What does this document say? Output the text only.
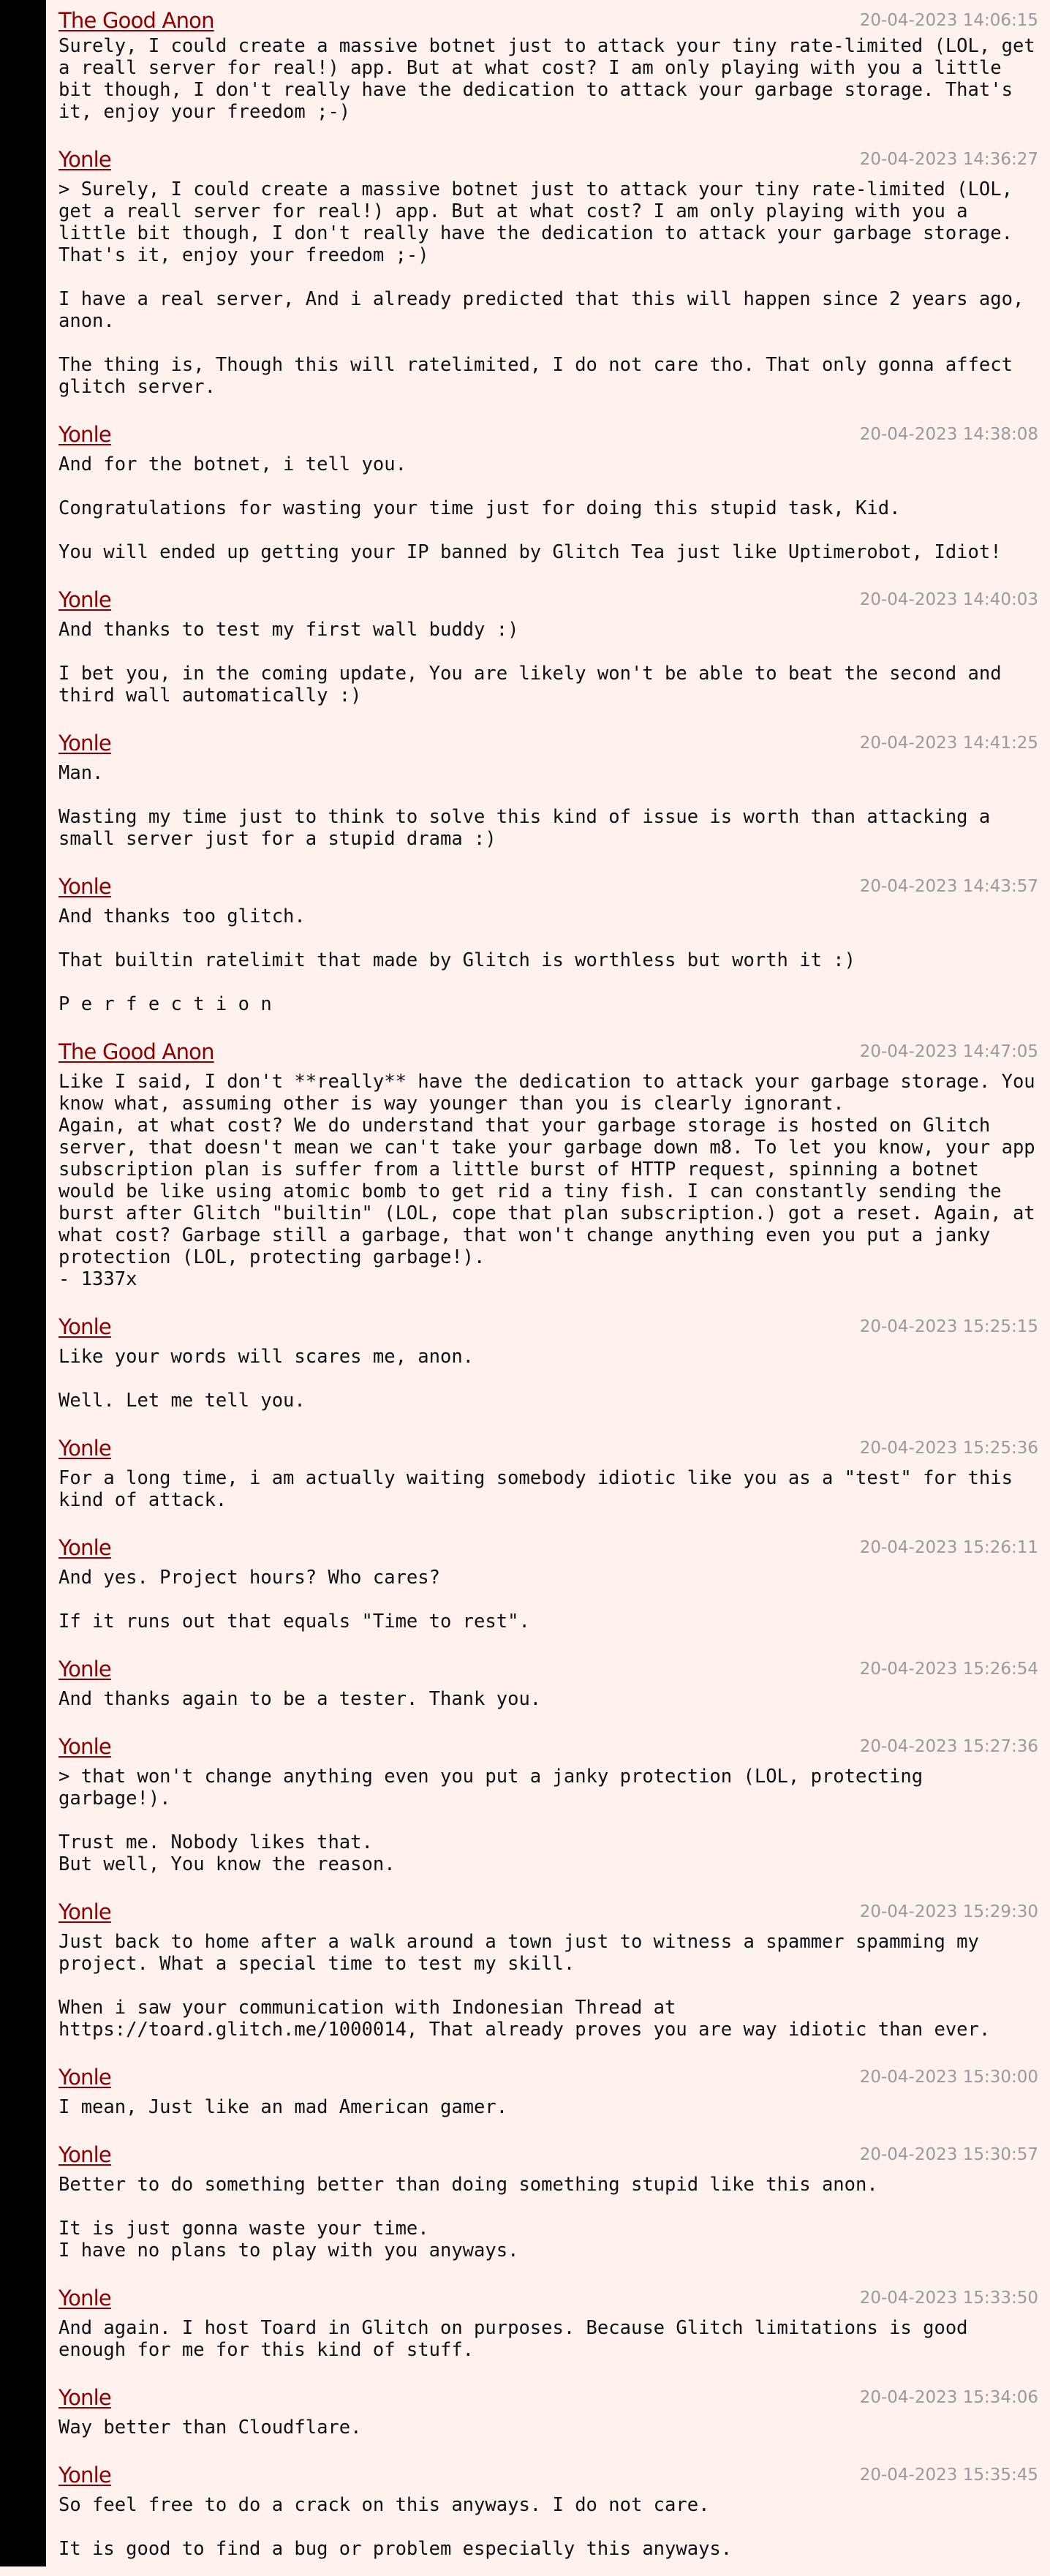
The Good Anon	20-04-2023 14:06:15
Surely, I could create a massive botnet just to attack your tiny rate-limited (LOL, get a reall server for real!) app. But at what cost? I am only playing with you a little bit though, I don't really have the dedication to attack your garbage storage. That's it, enjoy your freedom ;-)
Yonle	20-04-2023 14:36:27
> Surely, I could create a massive botnet just to attack your tiny rate-limited (LOL, get a reall server for real!) app. But at what cost? I am only playing with you a little bit though, I don't really have the dedication to attack your garbage storage. That's it, enjoy your freedom ;-)

I have a real server, And i already predicted that this will happen since 2 years ago, anon.

The thing is, Though this will ratelimited, I do not care tho. That only gonna affect glitch server.
Yonle	20-04-2023 14:38:08
And for the botnet, i tell you.

Congratulations for wasting your time just for doing this stupid task, Kid.

You will ended up getting your IP banned by Glitch Tea just like Uptimerobot, Idiot!
Yonle	20-04-2023 14:40:03
And thanks to test my first wall buddy :)

I bet you, in the coming update, You are likely won't be able to beat the second and third wall automatically :)
Yonle	20-04-2023 14:41:25
Man.

Wasting my time just to think to solve this kind of issue is worth than attacking a small server just for a stupid drama :)
Yonle	20-04-2023 14:43:57
And thanks too glitch.

That builtin ratelimit that made by Glitch is worthless but worth it :)

P e r f e c t i o n
The Good Anon	20-04-2023 14:47:05
Like I said, I don't **really** have the dedication to attack your garbage storage. You know what, assuming other is way younger than you is clearly ignorant.
Again, at what cost? We do understand that your garbage storage is hosted on Glitch server, that doesn't mean we can't take your garbage down m8. To let you know, your app subscription plan is suffer from a little burst of HTTP request, spinning a botnet would be like using atomic bomb to get rid a tiny fish. I can constantly sending the burst after Glitch "builtin" (LOL, cope that plan subscription.) got a reset. Again, at what cost? Garbage still a garbage, that won't change anything even you put a janky protection (LOL, protecting garbage!).
- 1337x
Yonle	20-04-2023 15:25:15
Like your words will scares me, anon.

Well. Let me tell you.
Yonle	20-04-2023 15:25:36
For a long time, i am actually waiting somebody idiotic like you as a "test" for this kind of attack.
Yonle	20-04-2023 15:26:11
And yes. Project hours? Who cares?

If it runs out that equals "Time to rest".
Yonle	20-04-2023 15:26:54
And thanks again to be a tester. Thank you.
Yonle	20-04-2023 15:27:36
> that won't change anything even you put a janky protection (LOL, protecting garbage!).

Trust me. Nobody likes that.
But well, You know the reason.
Yonle	20-04-2023 15:29:30
Just back to home after a walk around a town just to witness a spammer spamming my project. What a special time to test my skill.

When i saw your communication with Indonesian Thread at https://toard.glitch.me/1000014, That already proves you are way idiotic than ever.
Yonle	20-04-2023 15:30:00
I mean, Just like an mad American gamer.
Yonle	20-04-2023 15:30:57
Better to do something better than doing something stupid like this anon.

It is just gonna waste your time.
I have no plans to play with you anyways.
Yonle	20-04-2023 15:33:50
And again. I host Toard in Glitch on purposes. Because Glitch limitations is good enough for me for this kind of stuff.
Yonle	20-04-2023 15:34:06
Way better than Cloudflare.
Yonle	20-04-2023 15:35:45
So feel free to do a crack on this anyways. I do not care.

It is good to find a bug or problem especially this anyways.
